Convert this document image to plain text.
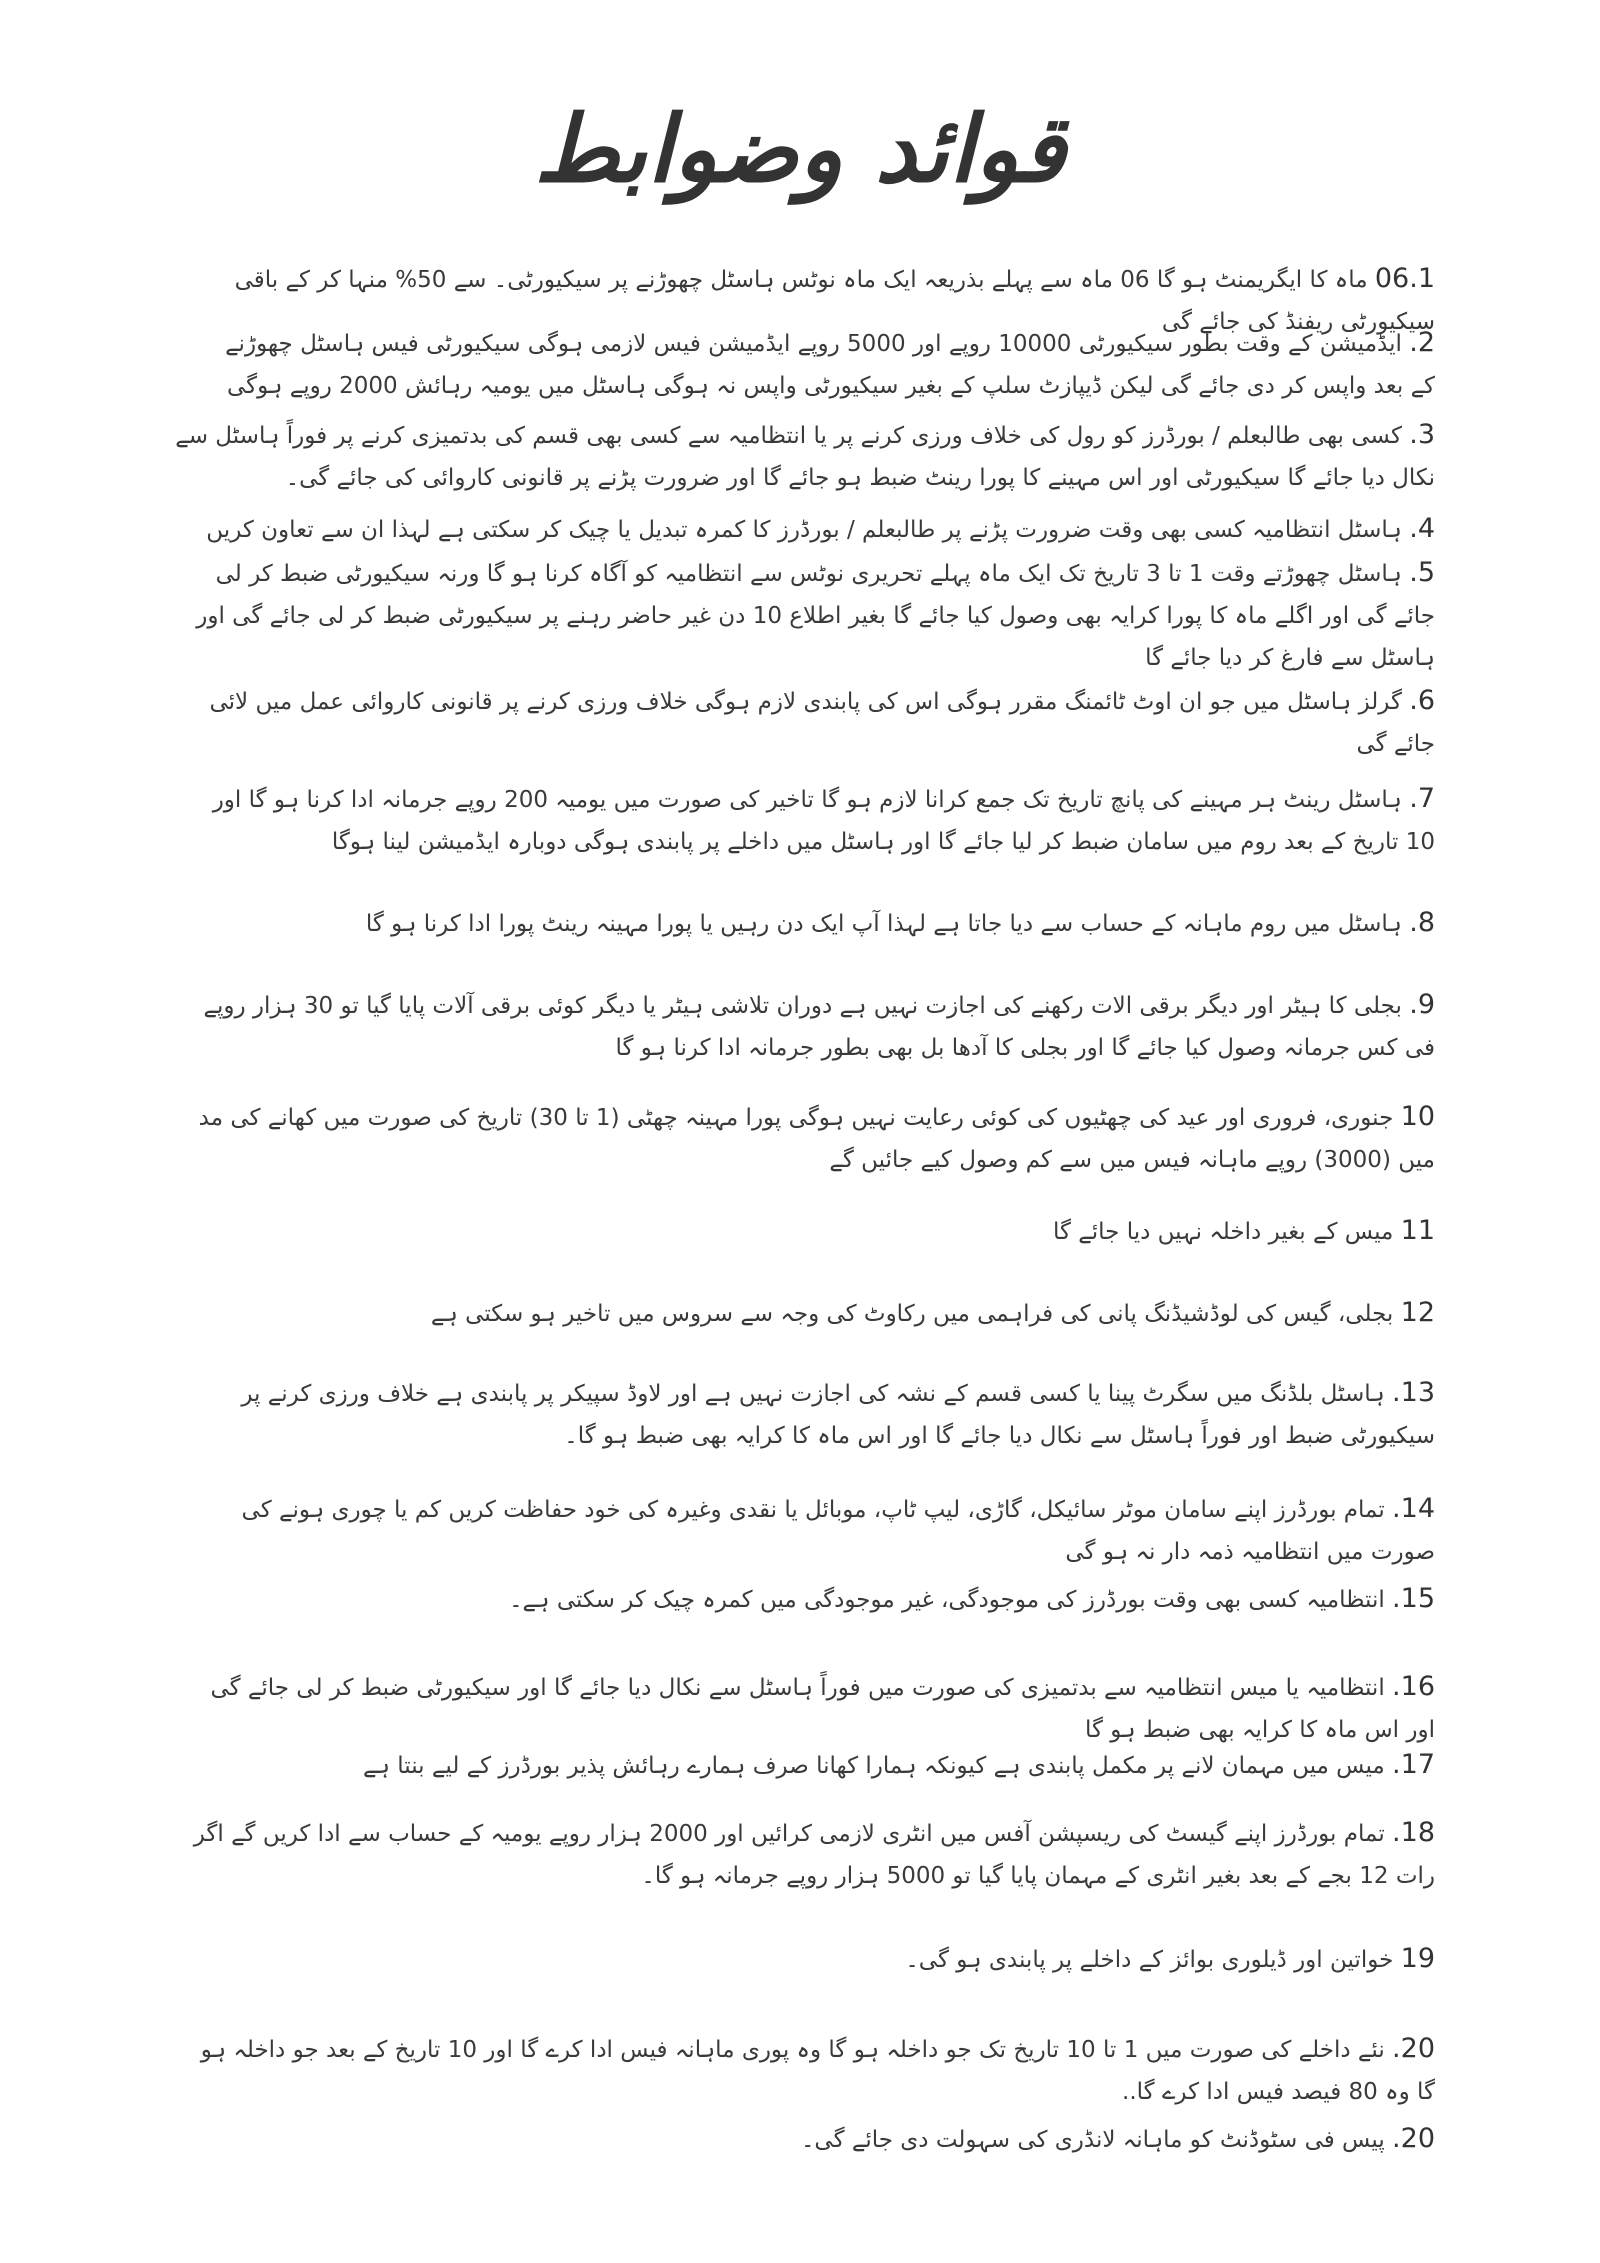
قوائد وضوابط

06.1 ماہ کا ایگریمنٹ ہو گا 06 ماہ سے پہلے بذریعہ ایک ماہ نوٹس ہاسٹل چھوڑنے پر سیکیورٹی۔ سے 50% منہا کر کے باقی سیکیورٹی ریفنڈ کی جائے گی

2. ایڈمیشن کے وقت بطور سیکیورٹی 10000 روپے اور 5000 روپے ایڈمیشن فیس لازمی ہوگی سیکیورٹی فیس ہاسٹل چھوڑنے کے بعد واپس کر دی جائے گی لیکن ڈیپازٹ سلپ کے بغیر سیکیورٹی واپس نہ ہوگی ہاسٹل میں یومیہ رہائش 2000 روپے ہوگی

3. کسی بھی طالبعلم / بورڈرز کو رول کی خلاف ورزی کرنے پر یا انتظامیہ سے کسی بھی قسم کی بدتمیزی کرنے پر فوراً ہاسٹل سے نکال دیا جائے گا سیکیورٹی اور اس مہینے کا پورا رینٹ ضبط ہو جائے گا اور ضرورت پڑنے پر قانونی کاروائی کی جائے گی۔

4. ہاسٹل انتظامیہ کسی بھی وقت ضرورت پڑنے پر طالبعلم / بورڈرز کا کمرہ تبدیل یا چیک کر سکتی ہے لہذا ان سے تعاون کریں

5. ہاسٹل چھوڑتے وقت 1 تا 3 تاریخ تک ایک ماہ پہلے تحریری نوٹس سے انتظامیہ کو آگاہ کرنا ہو گا ورنہ سیکیورٹی ضبط کر لی جائے گی اور اگلے ماہ کا پورا کرایہ بھی وصول کیا جائے گا بغیر اطلاع 10 دن غیر حاضر رہنے پر سیکیورٹی ضبط کر لی جائے گی اور ہاسٹل سے فارغ کر دیا جائے گا

6. گرلز ہاسٹل میں جو ان اوٹ ٹائمنگ مقرر ہوگی اس کی پابندی لازم ہوگی خلاف ورزی کرنے پر قانونی کاروائی عمل میں لائی جائے گی

7. ہاسٹل رینٹ ہر مہینے کی پانچ تاریخ تک جمع کرانا لازم ہو گا تاخیر کی صورت میں یومیہ 200 روپے جرمانہ ادا کرنا ہو گا اور 10 تاریخ کے بعد روم میں سامان ضبط کر لیا جائے گا اور ہاسٹل میں داخلے پر پابندی ہوگی دوبارہ ایڈمیشن لینا ہوگا

8. ہاسٹل میں روم ماہانہ کے حساب سے دیا جاتا ہے لہذا آپ ایک دن رہیں یا پورا مہینہ رینٹ پورا ادا کرنا ہو گا

9. بجلی کا ہیٹر اور دیگر برقی الات رکھنے کی اجازت نہیں ہے دوران تلاشی ہیٹر یا دیگر کوئی برقی آلات پایا گیا تو 30 ہزار روپے فی کس جرمانہ وصول کیا جائے گا اور بجلی کا آدھا بل بھی بطور جرمانہ ادا کرنا ہو گا

10 جنوری، فروری اور عید کی چھٹیوں کی کوئی رعایت نہیں ہوگی پورا مہینہ چھٹی (1 تا 30) تاریخ کی صورت میں کھانے کی مد میں (3000) روپے ماہانہ فیس میں سے کم وصول کیے جائیں گے

11 میس کے بغیر داخلہ نہیں دیا جائے گا

12 بجلی، گیس کی لوڈشیڈنگ پانی کی فراہمی میں رکاوٹ کی وجہ سے سروس میں تاخیر ہو سکتی ہے

13. ہاسٹل بلڈنگ میں سگرٹ پینا یا کسی قسم کے نشہ کی اجازت نہیں ہے اور لاوڈ سپیکر پر پابندی ہے خلاف ورزی کرنے پر سیکیورٹی ضبط اور فوراً ہاسٹل سے نکال دیا جائے گا اور اس ماہ کا کرایہ بھی ضبط ہو گا۔

14. تمام بورڈرز اپنے سامان موٹر سائیکل، گاڑی، لیپ ٹاپ، موبائل یا نقدی وغیرہ کی خود حفاظت کریں کم یا چوری ہونے کی صورت میں انتظامیہ ذمہ دار نہ ہو گی

15. انتظامیہ کسی بھی وقت بورڈرز کی موجودگی، غیر موجودگی میں کمرہ چیک کر سکتی ہے۔

16. انتظامیہ یا میس انتظامیہ سے بدتمیزی کی صورت میں فوراً ہاسٹل سے نکال دیا جائے گا اور سیکیورٹی ضبط کر لی جائے گی اور اس ماہ کا کرایہ بھی ضبط ہو گا

17. میس میں مہمان لانے پر مکمل پابندی ہے کیونکہ ہمارا کھانا صرف ہمارے رہائش پذیر بورڈرز کے لیے بنتا ہے

18. تمام بورڈرز اپنے گیسٹ کی ریسپشن آفس میں انٹری لازمی کرائیں اور 2000 ہزار روپے یومیہ کے حساب سے ادا کریں گے اگر رات 12 بجے کے بعد بغیر انٹری کے مہمان پایا گیا تو 5000 ہزار روپے جرمانہ ہو گا۔

19 خواتین اور ڈیلوری بوائز کے داخلے پر پابندی ہو گی۔

20. نئے داخلے کی صورت میں 1 تا 10 تاریخ تک جو داخلہ ہو گا وہ پوری ماہانہ فیس ادا کرے گا اور 10 تاریخ کے بعد جو داخلہ ہو گا وہ 80 فیصد فیس ادا کرے گا..

20. پیس فی سٹوڈنٹ کو ماہانہ لانڈری کی سہولت دی جائے گی۔
